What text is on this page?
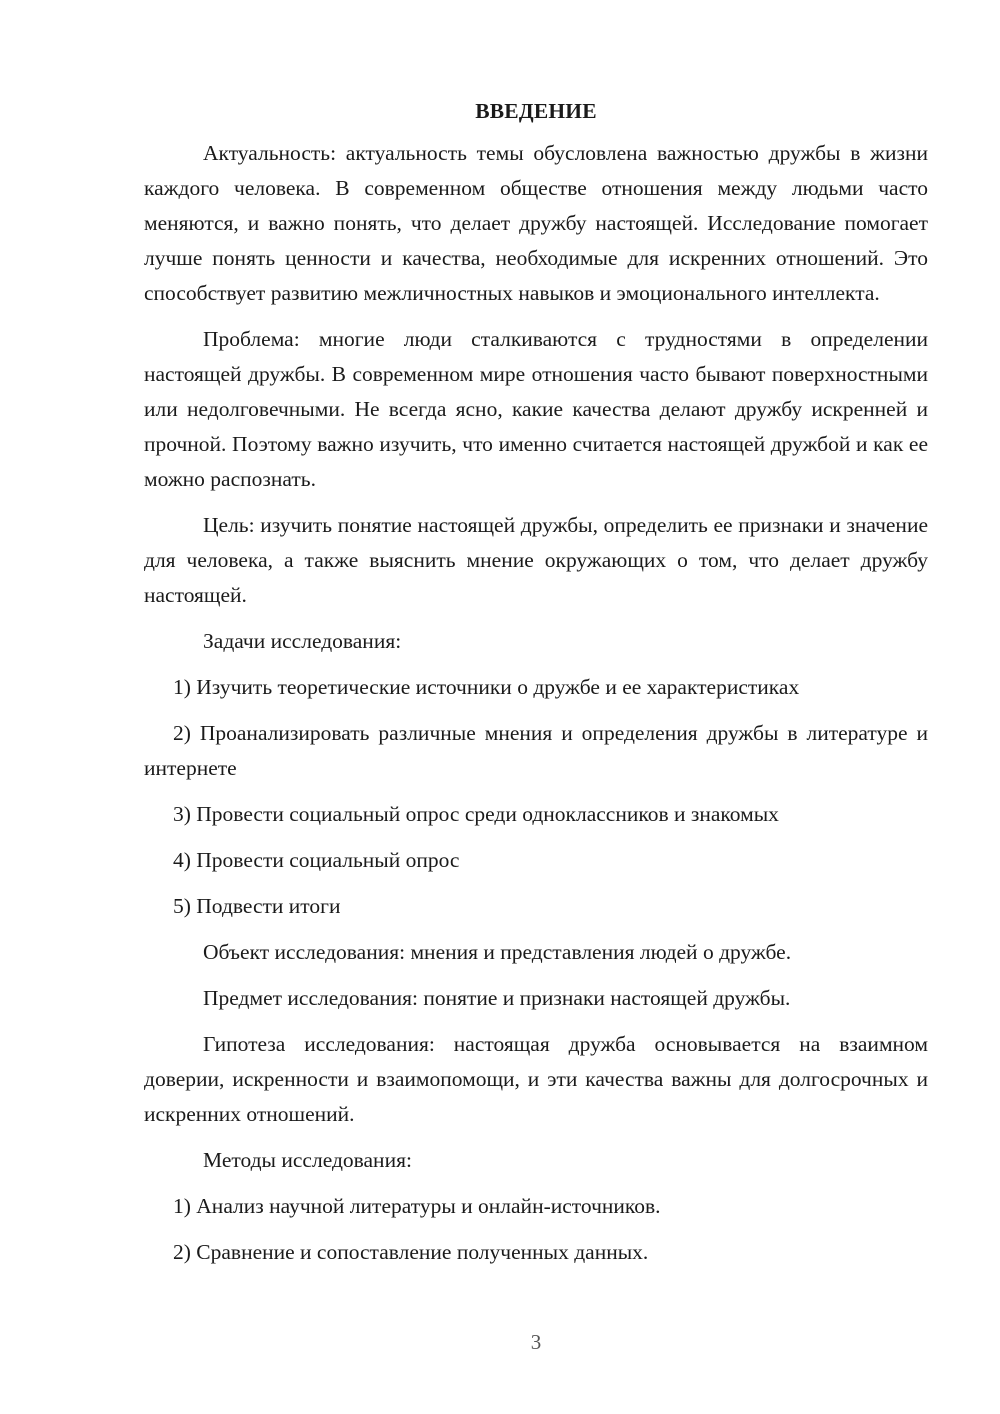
ВВЕДЕНИЕ

Актуальность: актуальность темы обусловлена важностью дружбы в жизни каждого человека. В современном обществе отношения между людьми часто меняются, и важно понять, что делает дружбу настоящей. Исследование помогает лучше понять ценности и качества, необходимые для искренних отношений. Это способствует развитию межличностных навыков и эмоционального интеллекта.

Проблема: многие люди сталкиваются с трудностями в определении настоящей дружбы. В современном мире отношения часто бывают поверхностными или недолговечными. Не всегда ясно, какие качества делают дружбу искренней и прочной. Поэтому важно изучить, что именно считается настоящей дружбой и как ее можно распознать.

Цель: изучить понятие настоящей дружбы, определить ее признаки и значение для человека, а также выяснить мнение окружающих о том, что делает дружбу настоящей.

Задачи исследования:

1) Изучить теоретические источники о дружбе и ее характеристиках

2) Проанализировать различные мнения и определения дружбы в литературе и интернете

3) Провести социальный опрос среди одноклассников и знакомых

4) Провести социальный опрос

5) Подвести итоги

Объект исследования: мнения и представления людей о дружбе.

Предмет исследования: понятие и признаки настоящей дружбы.

Гипотеза исследования: настоящая дружба основывается на взаимном доверии, искренности и взаимопомощи, и эти качества важны для долгосрочных и искренних отношений.

Методы исследования:

1) Анализ научной литературы и онлайн-источников.

2) Сравнение и сопоставление полученных данных.

3
